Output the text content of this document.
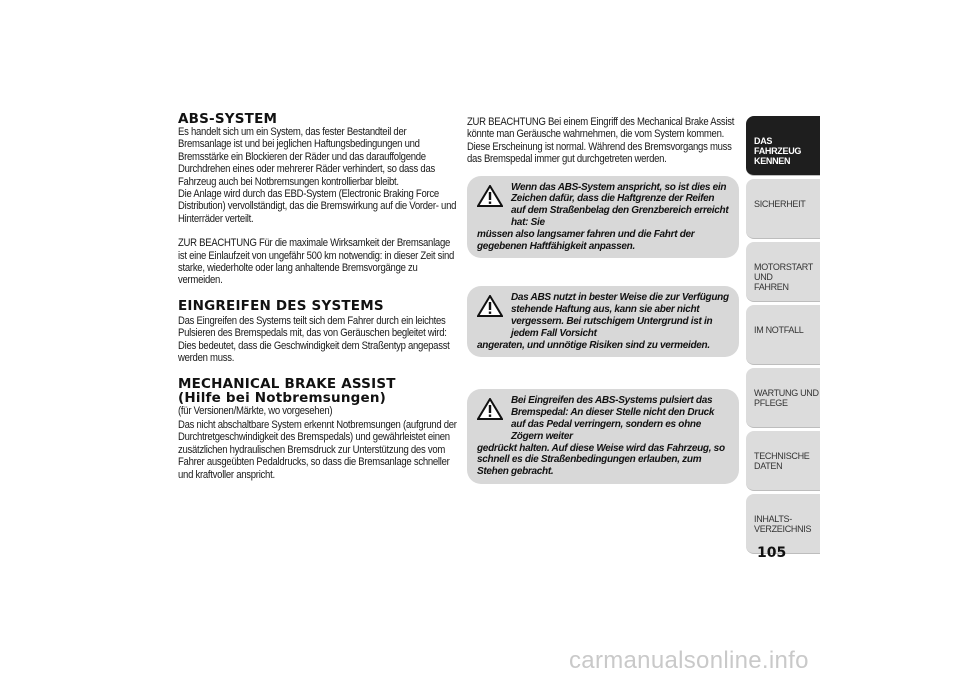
ABS-SYSTEM

Es handelt sich um ein System, das fester Bestandteil der Bremsanlage ist und bei jeglichen Haftungsbedingungen und Bremsstärke ein Blockieren der Räder und das darauffolgende Durchdrehen eines oder mehrerer Räder verhindert, so dass das Fahrzeug auch bei Notbremsungen kontrollierbar bleibt.

Die Anlage wird durch das EBD-System (Electronic Braking Force Distribution) vervollständigt, das die Bremswirkung auf die Vorder- und Hinterräder verteilt.

ZUR BEACHTUNG Für die maximale Wirksamkeit der Bremsanlage ist eine Einlaufzeit von ungefähr 500 km notwendig: in dieser Zeit sind starke, wiederholte oder lang anhaltende Bremsvorgänge zu vermeiden.

EINGREIFEN DES SYSTEMS

Das Eingreifen des Systems teilt sich dem Fahrer durch ein leichtes Pulsieren des Bremspedals mit, das von Geräuschen begleitet wird: Dies bedeutet, dass die Geschwindigkeit dem Straßentyp angepasst werden muss.

MECHANICAL BRAKE ASSIST
(Hilfe bei Notbremsungen)

(für Versionen/Märkte, wo vorgesehen)

Das nicht abschaltbare System erkennt Notbremsungen (aufgrund der Durchtretgeschwindigkeit des Bremspedals) und gewährleistet einen zusätzlichen hydraulischen Bremsdruck zur Unterstützung des vom Fahrer ausgeübten Pedaldrucks, so dass die Bremsanlage schneller und kraftvoller anspricht.

ZUR BEACHTUNG Bei einem Eingriff des Mechanical Brake Assist könnte man Geräusche wahrnehmen, die vom System kommen. Diese Erscheinung ist normal. Während des Bremsvorgangs muss das Bremspedal immer gut durchgetreten werden.

Wenn das ABS-System anspricht, so ist dies ein Zeichen dafür, dass die Haftgrenze der Reifen auf dem Straßenbelag den Grenzbereich erreicht hat: Sie
müssen also langsamer fahren und die Fahrt der gegebenen Haftfähigkeit anpassen.

Das ABS nutzt in bester Weise die zur Verfügung stehende Haftung aus, kann sie aber nicht vergessern. Bei rutschigem Untergrund ist in jedem Fall Vorsicht
angeraten, und unnötige Risiken sind zu vermeiden.

Bei Eingreifen des ABS-Systems pulsiert das Bremspedal: An dieser Stelle nicht den Druck auf das Pedal verringern, sondern es ohne Zögern weiter
gedrückt halten. Auf diese Weise wird das Fahrzeug, so schnell es die Straßenbedingungen erlauben, zum Stehen gebracht.

DAS FAHRZEUG
KENNEN
SICHERHEIT
MOTORSTART UND
FAHREN
IM NOTFALL
WARTUNG UND
PFLEGE
TECHNISCHE DATEN
INHALTS-
VERZEICHNIS
105
carmanualsonline.info
